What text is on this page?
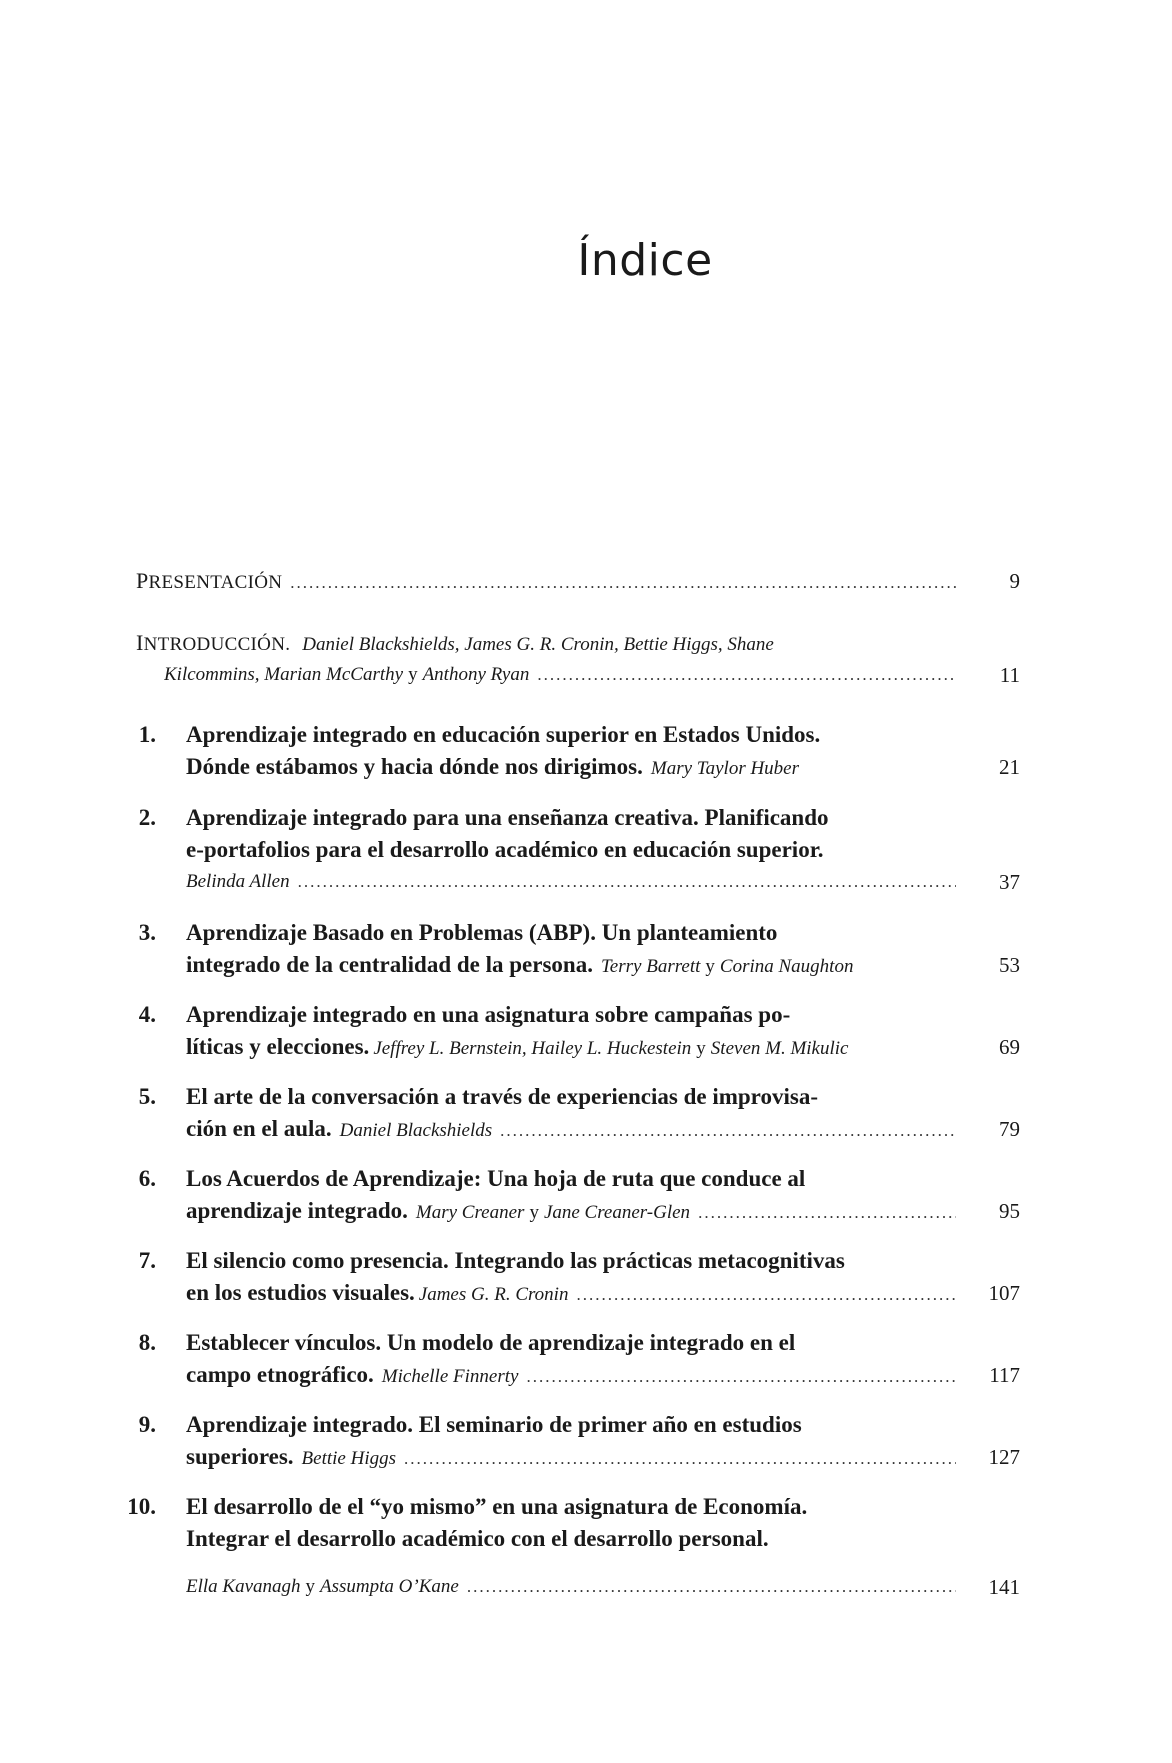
Índice
PRESENTACIÓN .....	9
INTRODUCCIÓN. Daniel Blackshields, James G. R. Cronin, Bettie Higgs, Shane
Kilcommins, Marian McCarthy y Anthony Ryan .....	11
1. Aprendizaje integrado en educación superior en Estados Unidos.
Dónde estábamos y hacia dónde nos dirigimos. Mary Taylor Huber	21
2. Aprendizaje integrado para una enseñanza creativa. Planificando
e-portafolios para el desarrollo académico en educación superior.
Belinda Allen .....	37
3. Aprendizaje Basado en Problemas (ABP). Un planteamiento
integrado de la centralidad de la persona. Terry Barrett y Corina Naughton	53
4. Aprendizaje integrado en una asignatura sobre campañas po-
líticas y elecciones. Jeffrey L. Bernstein, Hailey L. Huckestein y Steven M. Mikulic	69
5. El arte de la conversación a través de experiencias de improvisa-
ción en el aula. Daniel Blackshields .....	79
6. Los Acuerdos de Aprendizaje: Una hoja de ruta que conduce al
aprendizaje integrado. Mary Creaner y Jane Creaner-Glen .....	95
7. El silencio como presencia. Integrando las prácticas metacognitivas
en los estudios visuales. James G. R. Cronin .....	107
8. Establecer vínculos. Un modelo de aprendizaje integrado en el
campo etnográfico. Michelle Finnerty .....	117
9. Aprendizaje integrado. El seminario de primer año en estudios
superiores. Bettie Higgs .....	127
10. El desarrollo de el “yo mismo” en una asignatura de Economía.
Integrar el desarrollo académico con el desarrollo personal.
Ella Kavanagh y Assumpta O’Kane .....	141
